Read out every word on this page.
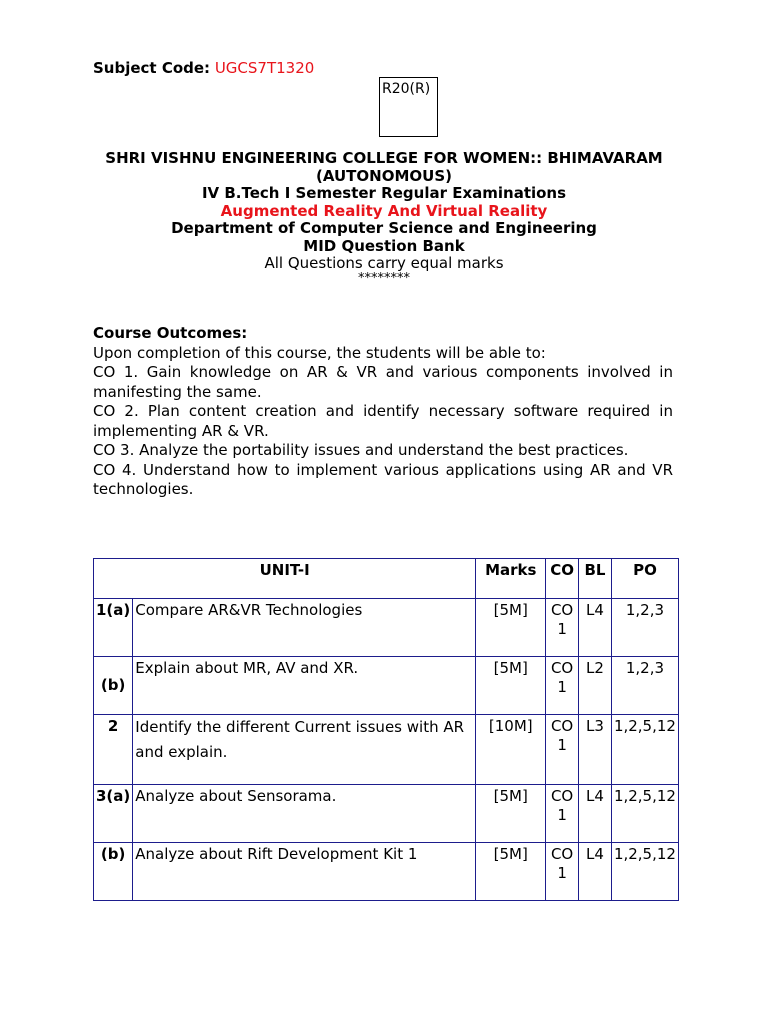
Subject Code: UGCS7T1320
R20(R)
SHRI VISHNU ENGINEERING COLLEGE FOR WOMEN:: BHIMAVARAM
(AUTONOMOUS)
IV B.Tech I Semester Regular Examinations
Augmented Reality And Virtual Reality
Department of Computer Science and Engineering
MID Question Bank
All Questions carry equal marks
********

Course Outcomes:

Upon completion of this course, the students will be able to:

CO 1. Gain knowledge on AR & VR and various components involved in manifesting the same.

CO 2. Plan content creation and identify necessary software required in implementing AR & VR.

CO 3. Analyze the portability issues and understand the best practices.

CO 4. Understand how to implement various applications using AR and VR technologies.

UNIT-I		Marks	CO	BL	PO
1(a)	Compare AR&VR Technologies	[5M]	CO 1	L4	1,2,3
(b)	Explain about MR, AV and XR.	[5M]	CO 1	L2	1,2,3
2	Identify the different Current issues with AR and explain.	[10M]	CO 1	L3	1,2,5,12
3(a)	Analyze about Sensorama.	[5M]	CO 1	L4	1,2,5,12
(b)	Analyze about Rift Development Kit 1	[5M]	CO 1	L4	1,2,5,12
